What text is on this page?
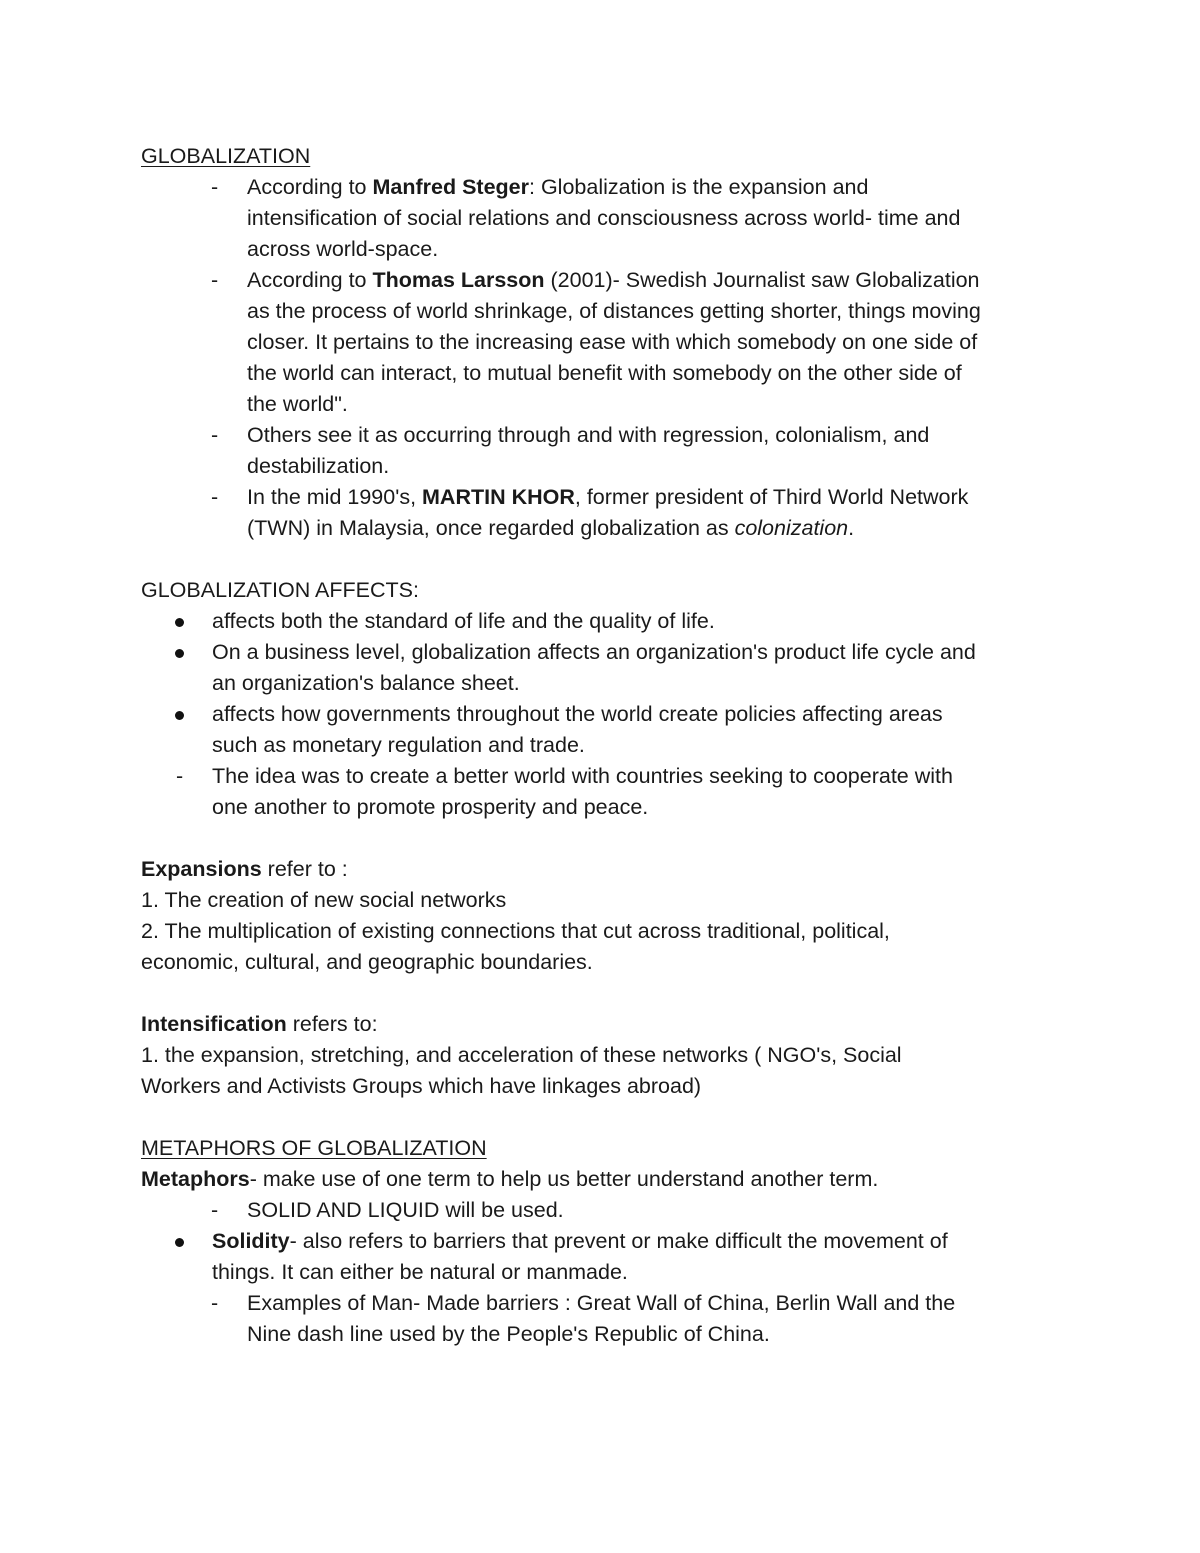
GLOBALIZATION
- According to Manfred Steger: Globalization is the expansion and
intensification of social relations and consciousness across world- time and
across world-space.
- According to Thomas Larsson (2001)- Swedish Journalist saw Globalization
as the process of world shrinkage, of distances getting shorter, things moving
closer. It pertains to the increasing ease with which somebody on one side of
the world can interact, to mutual benefit with somebody on the other side of
the world".
- Others see it as occurring through and with regression, colonialism, and
destabilization.
- In the mid 1990's, MARTIN KHOR, former president of Third World Network
(TWN) in Malaysia, once regarded globalization as colonization.
GLOBALIZATION AFFECTS:
affects both the standard of life and the quality of life.
On a business level, globalization affects an organization's product life cycle and
an organization's balance sheet.
affects how governments throughout the world create policies affecting areas
such as monetary regulation and trade.
- The idea was to create a better world with countries seeking to cooperate with
one another to promote prosperity and peace.
Expansions refer to :
1. The creation of new social networks
2. The multiplication of existing connections that cut across traditional, political,
economic, cultural, and geographic boundaries.
Intensification refers to:
1. the expansion, stretching, and acceleration of these networks ( NGO's, Social
Workers and Activists Groups which have linkages abroad)
METAPHORS OF GLOBALIZATION
Metaphors- make use of one term to help us better understand another term.
- SOLID AND LIQUID will be used.
Solidity- also refers to barriers that prevent or make difficult the movement of
things. It can either be natural or manmade.
- Examples of Man- Made barriers : Great Wall of China, Berlin Wall and the
Nine dash line used by the People's Republic of China.
